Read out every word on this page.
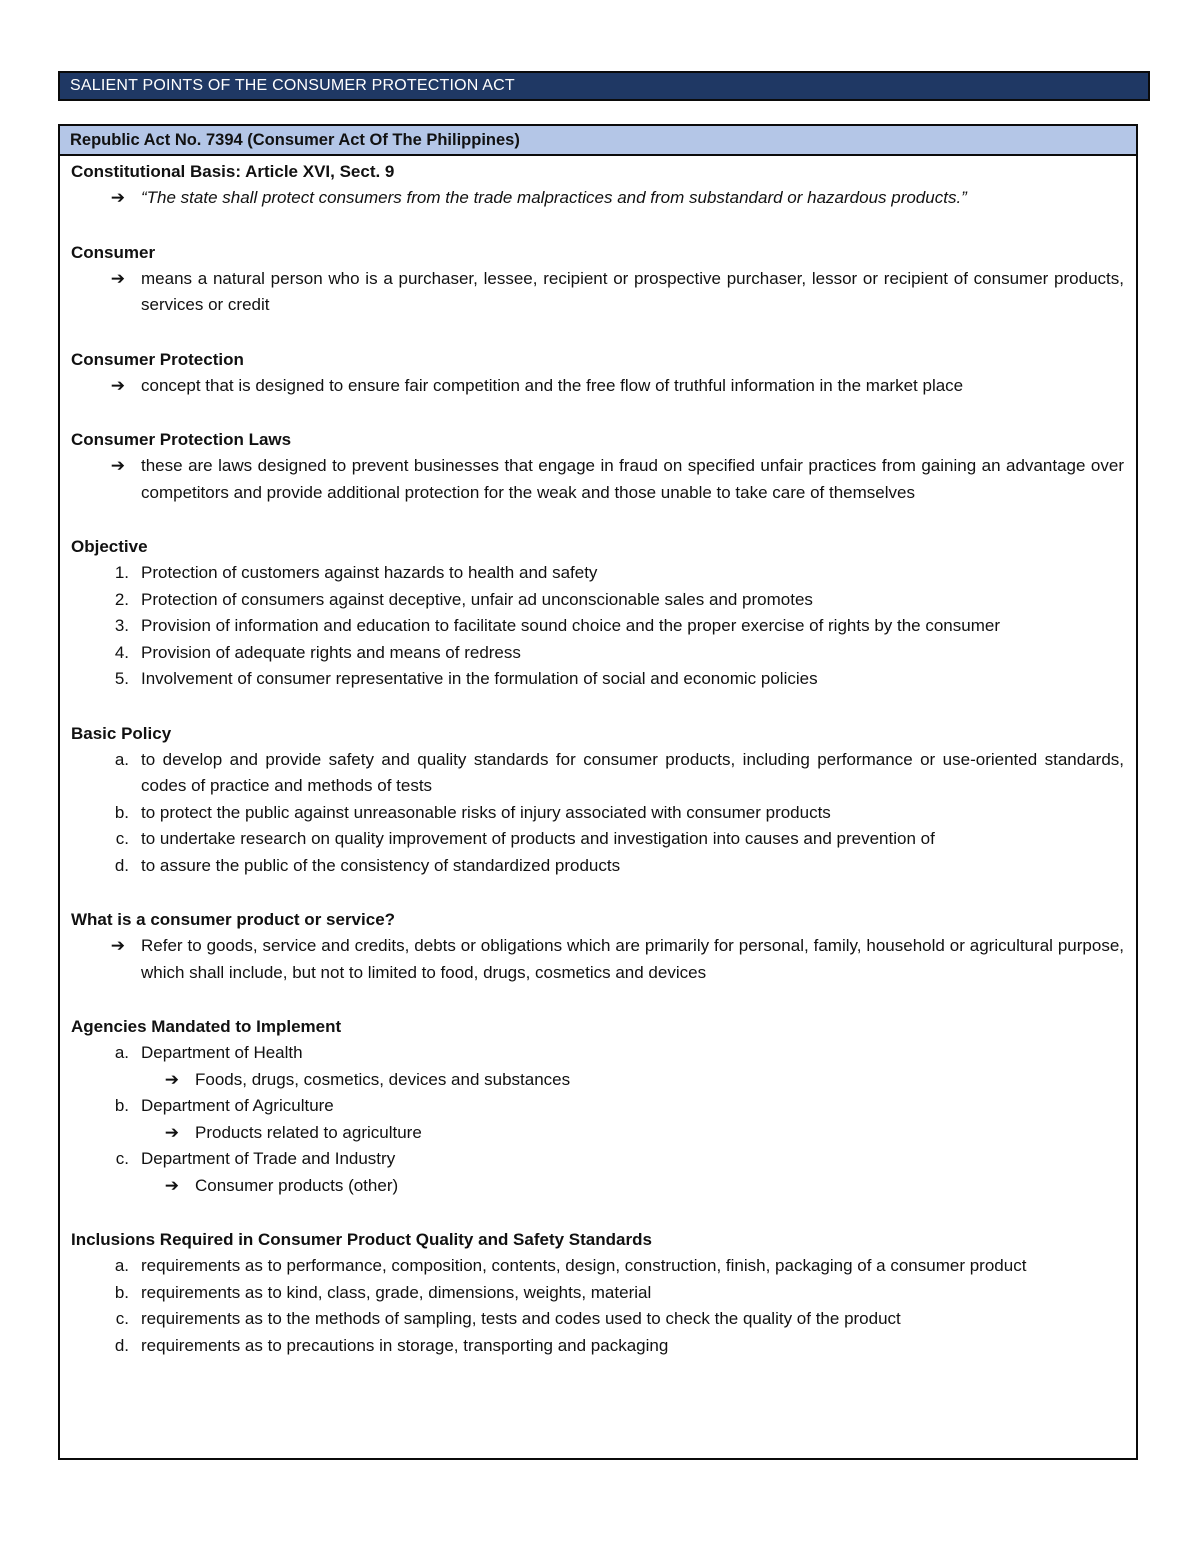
SALIENT POINTS OF THE CONSUMER PROTECTION ACT
Republic Act No. 7394 (Consumer Act Of The Philippines)
Constitutional Basis: Article XVI, Sect. 9
➔ “The state shall protect consumers from the trade malpractices and from substandard or hazardous products.”
Consumer
➔ means a natural person who is a purchaser, lessee, recipient or prospective purchaser, lessor or recipient of consumer products, services or credit
Consumer Protection
➔ concept that is designed to ensure fair competition and the free flow of truthful information in the market place
Consumer Protection Laws
➔ these are laws designed to prevent businesses that engage in fraud on specified unfair practices from gaining an advantage over competitors and provide additional protection for the weak and those unable to take care of themselves
Objective
1. Protection of customers against hazards to health and safety
2. Protection of consumers against deceptive, unfair ad unconscionable sales and promotes
3. Provision of information and education to facilitate sound choice and the proper exercise of rights by the consumer
4. Provision of adequate rights and means of redress
5. Involvement of consumer representative in the formulation of social and economic policies
Basic Policy
a. to develop and provide safety and quality standards for consumer products, including performance or use-oriented standards, codes of practice and methods of tests
b. to protect the public against unreasonable risks of injury associated with consumer products
c. to undertake research on quality improvement of products and investigation into causes and prevention of
d. to assure the public of the consistency of standardized products
What is a consumer product or service?
➔ Refer to goods, service and credits, debts or obligations which are primarily for personal, family, household or agricultural purpose, which shall include, but not to limited to food, drugs, cosmetics and devices
Agencies Mandated to Implement
a. Department of Health
➔ Foods, drugs, cosmetics, devices and substances
b. Department of Agriculture
➔ Products related to agriculture
c. Department of Trade and Industry
➔ Consumer products (other)
Inclusions Required in Consumer Product Quality and Safety Standards
a. requirements as to performance, composition, contents, design, construction, finish, packaging of a consumer product
b. requirements as to kind, class, grade, dimensions, weights, material
c. requirements as to the methods of sampling, tests and codes used to check the quality of the product
d. requirements as to precautions in storage, transporting and packaging
